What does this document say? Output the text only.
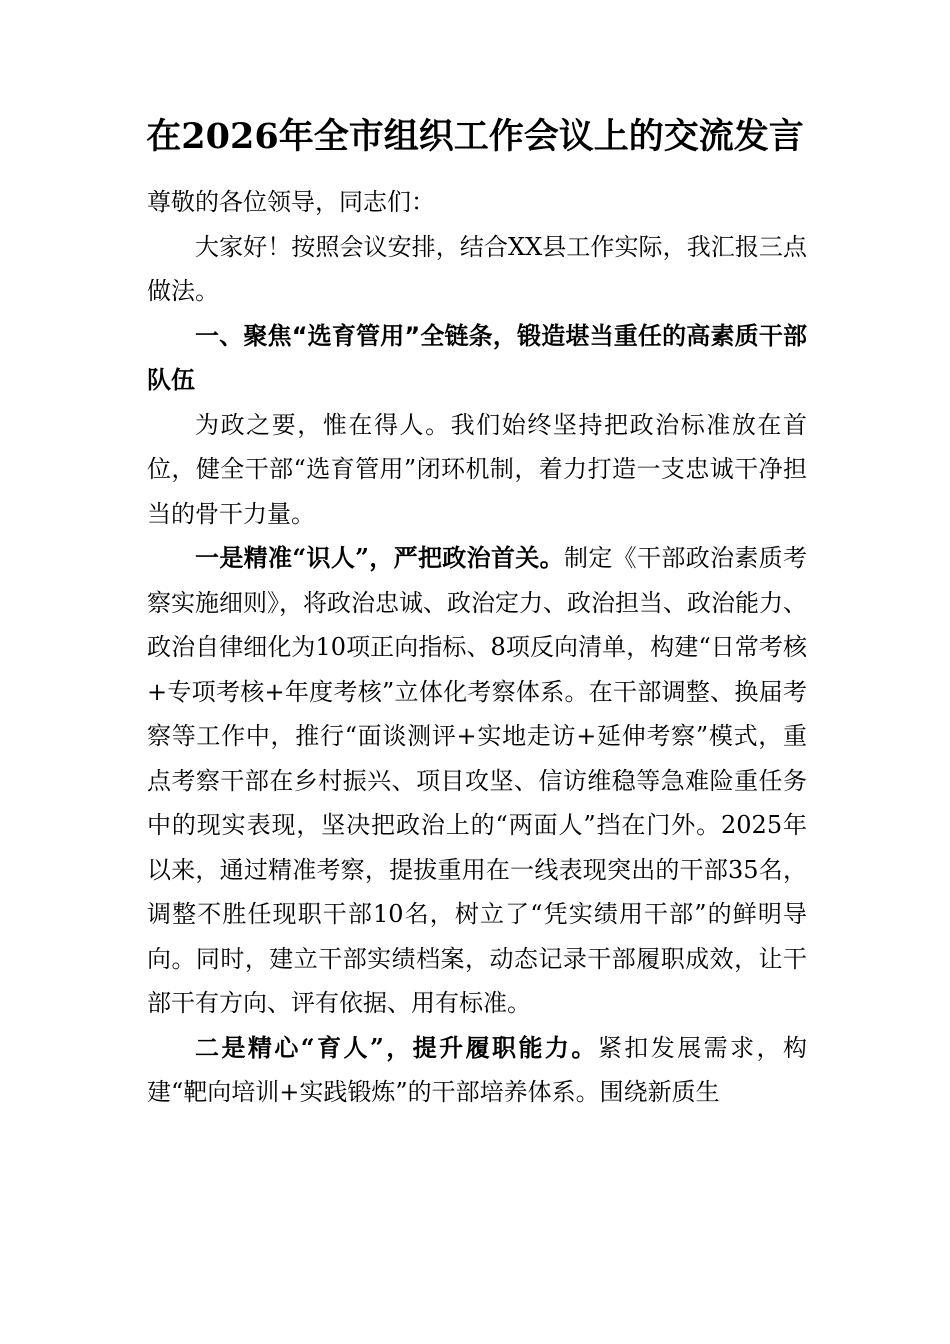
在2026年全市组织工作会议上的交流发言

尊敬的各位领导，同志们：

大家好！按照会议安排，结合XX县工作实际，我汇报三点做法。

一、聚焦“选育管用”全链条，锻造堪当重任的高素质干部队伍

为政之要，惟在得人。我们始终坚持把政治标准放在首位，健全干部“选育管用”闭环机制，着力打造一支忠诚干净担当的骨干力量。

一是精准“识人”，严把政治首关。制定《干部政治素质考察实施细则》，将政治忠诚、政治定力、政治担当、政治能力、政治自律细化为10项正向指标、8项反向清单，构建“日常考核+专项考核+年度考核”立体化考察体系。在干部调整、换届考察等工作中，推行“面谈测评+实地走访+延伸考察”模式，重点考察干部在乡村振兴、项目攻坚、信访维稳等急难险重任务中的现实表现，坚决把政治上的“两面人”挡在门外。2025年以来，通过精准考察，提拔重用在一线表现突出的干部35名，调整不胜任现职干部10名，树立了“凭实绩用干部”的鲜明导向。同时，建立干部实绩档案，动态记录干部履职成效，让干部干有方向、评有依据、用有标准。

二是精心“育人”，提升履职能力。紧扣发展需求，构建“靶向培训+实践锻炼”的干部培养体系。围绕新质生
